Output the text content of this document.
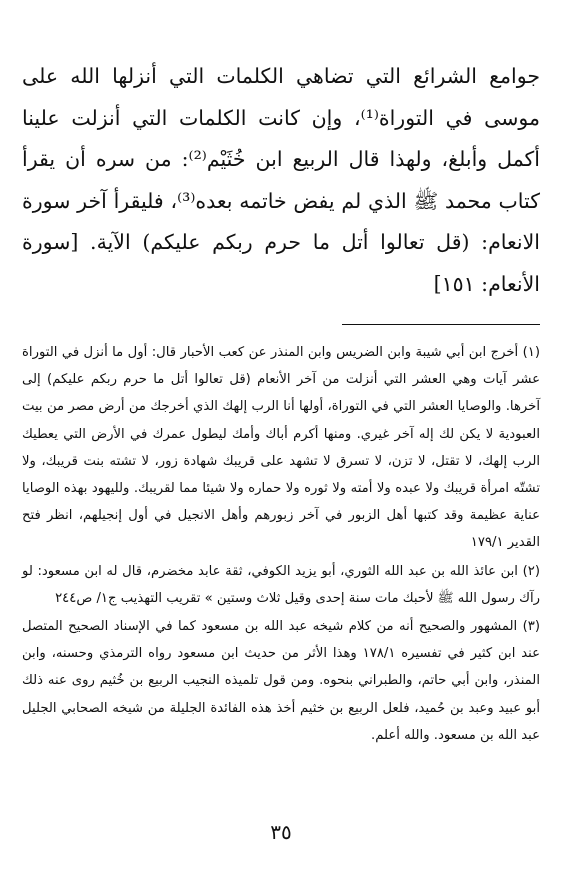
جوامع الشرائع التي تضاهي الكلمات التي أنزلها الله على موسى في التوراة⁽¹⁾، وإن كانت الكلمات التي أنزلت علينا أكمل وأبلغ، ولهذا قال الربيع ابن خُثَيْم⁽²⁾: من سره أن يقرأ كتاب محمد ﷺ الذي لم يفض خاتمه بعده⁽³⁾، فليقرأ آخر سورة الانعام: (قل تعالوا أتل ما حرم ربكم عليكم) الآية. [سورة الأنعام: ١٥١]

(١) أخرج ابن أبي شيبة وابن الضريس وابن المنذر عن كعب الأحبار قال: أول ما أنزل في التوراة عشر آيات وهي العشر التي أنزلت من آخر الأنعام (قل تعالوا أتل ما حرم ربكم عليكم) إلى آخرها. والوصايا العشر التي في التوراة، أولها أنا الرب إلهك الذي أخرجك من أرض مصر من بيت العبودية لا يكن لك إله آخر غيري. ومنها أكرم أباك وأمك ليطول عمرك في الأرض التي يعطيك الرب إلهك، لا تقتل، لا تزن، لا تسرق لا تشهد على قريبك شهادة زور، لا تشته بنت قريبك، ولا تشتّه امرأة قريبك ولا عبده ولا أمته ولا ثوره ولا حماره ولا شيئا مما لقريبك. ولليهود بهذه الوصايا عناية عظيمة وقد كتبها أهل الزبور في آخر زبورهم وأهل الانجيل في أول إنجيلهم، انظر فتح القدير ١٧٩/١

(٢) ابن عائذ الله بن عبد الله الثوري، أبو يزيد الكوفي، ثقة عابد مخضرم، قال له ابن مسعود: لو رآك رسول الله ﷺ لأحبك مات سنة إحدى وقيل ثلاث وستين » تقريب التهذيب ج١/ ص٢٤٤

(٣) المشهور والصحيح أنه من كلام شيخه عبد الله بن مسعود كما في الإسناد الصحيح المتصل عند ابن كثير في تفسيره ١٧٨/١ وهذا الأثر من حديث ابن مسعود رواه الترمذي وحسنه، وابن المنذر، وابن أبي حاتم، والطبراني بنحوه. ومن قول تلميذه النجيب الربيع بن خُثيم روى عنه ذلك أبو عبيد وعبد بن حُميد، فلعل الربيع بن خثيم أخذ هذه الفائدة الجليلة من شيخه الصحابي الجليل عبد الله بن مسعود. والله أعلم.

٣٥
